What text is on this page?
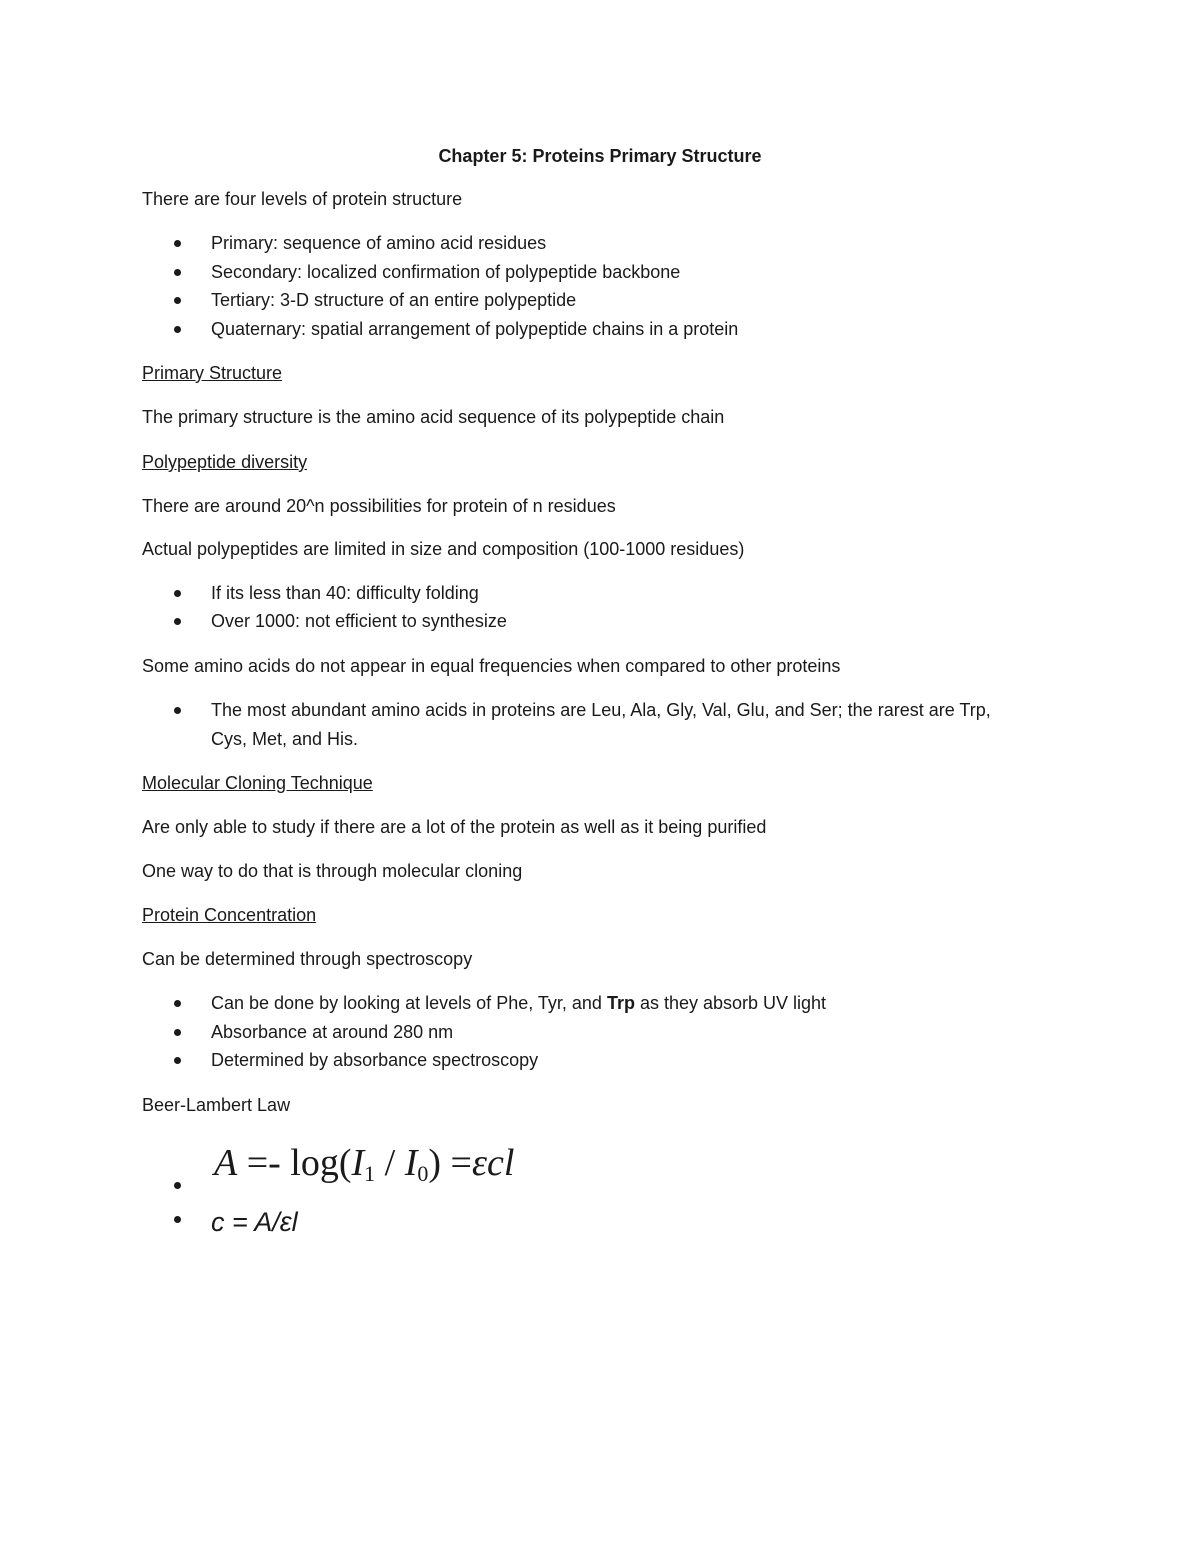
Chapter 5: Proteins Primary Structure
There are four levels of protein structure
Primary: sequence of amino acid residues
Secondary: localized confirmation of polypeptide backbone
Tertiary: 3-D structure of an entire polypeptide
Quaternary: spatial arrangement of polypeptide chains in a protein
Primary Structure
The primary structure is the amino acid sequence of its polypeptide chain
Polypeptide diversity
There are around 20^n possibilities for protein of n residues
Actual polypeptides are limited in size and composition (100-1000 residues)
If its less than 40: difficulty folding
Over 1000: not efficient to synthesize
Some amino acids do not appear in equal frequencies when compared to other proteins
The most abundant amino acids in proteins are Leu, Ala, Gly, Val, Glu, and Ser; the rarest are Trp,
Cys, Met, and His.
Molecular Cloning Technique
Are only able to study if there are a lot of the protein as well as it being purified
One way to do that is through molecular cloning
Protein Concentration
Can be determined through spectroscopy
Can be done by looking at levels of Phe, Tyr, and Trp as they absorb UV light
Absorbance at around 280 nm
Determined by absorbance spectroscopy
Beer-Lambert Law
$A =- \log(I_1 / I_0) =\varepsilon cl$
c = A/εl
